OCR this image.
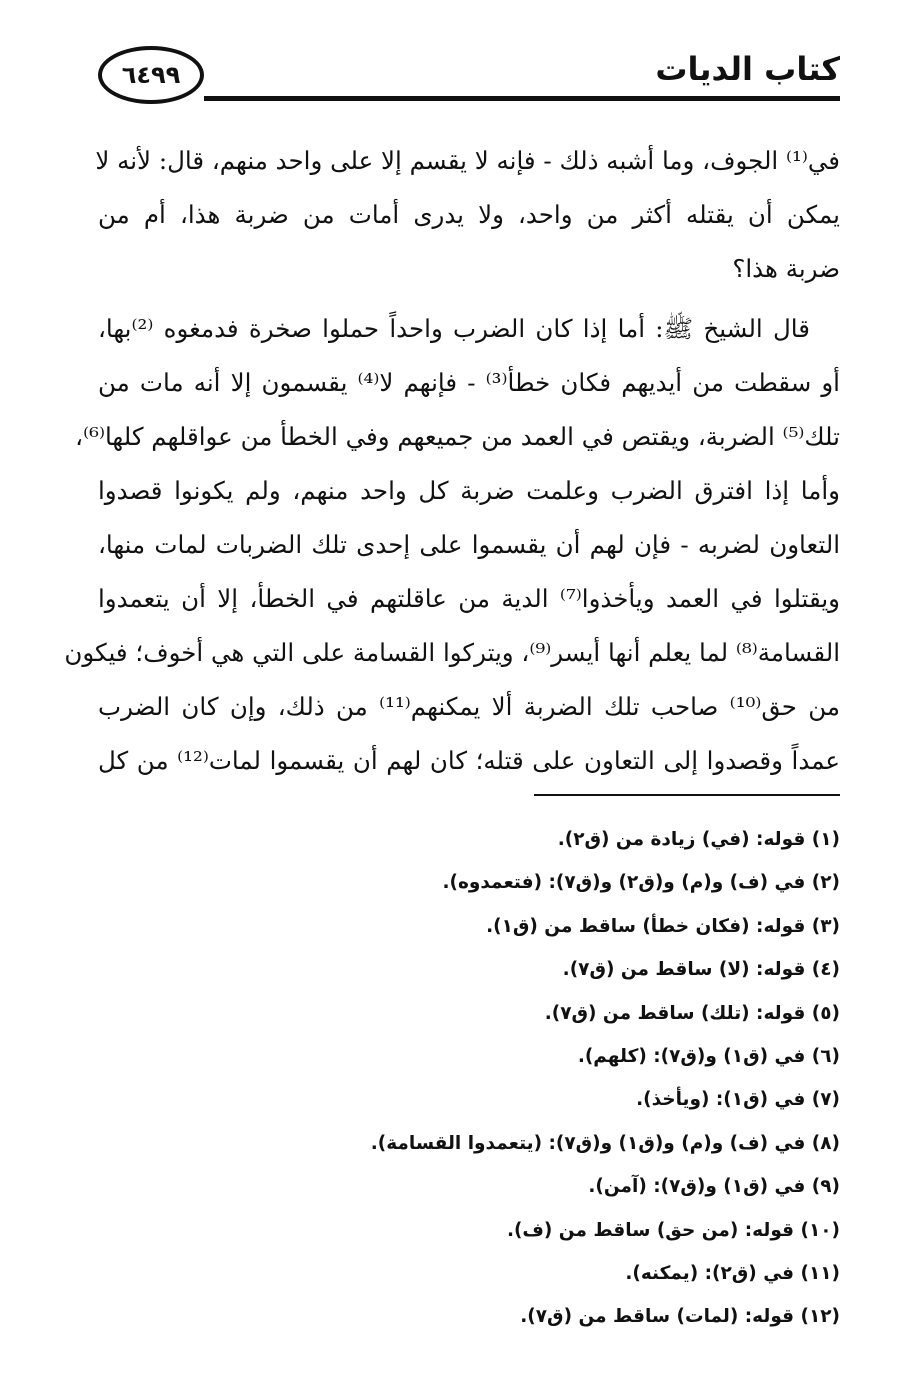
٦٤٩٩	كتاب الديات
في⁽¹⁾ الجوف، وما أشبه ذلك - فإنه لا يقسم إلا على واحد منهم، قال: لأنه لا
يمكن أن يقتله أكثر من واحد، ولا يدرى أمات من ضربة هذا، أم من
ضربة هذا؟
قال الشيخ ﷺ: أما إذا كان الضرب واحداً حملوا صخرة فدمغوه ⁽²⁾بها،
أو سقطت من أيديهم فكان خطأ⁽³⁾ - فإنهم لا⁽⁴⁾ يقسمون إلا أنه مات من
تلك⁽⁵⁾ الضربة، ويقتص في العمد من جميعهم وفي الخطأ من عواقلهم كلها⁽⁶⁾،
وأما إذا افترق الضرب وعلمت ضربة كل واحد منهم، ولم يكونوا قصدوا
التعاون لضربه - فإن لهم أن يقسموا على إحدى تلك الضربات لمات منها،
ويقتلوا في العمد ويأخذوا⁽⁷⁾ الدية من عاقلتهم في الخطأ، إلا أن يتعمدوا
القسامة⁽⁸⁾ لما يعلم أنها أيسر⁽⁹⁾، ويتركوا القسامة على التي هي أخوف؛ فيكون
من حق⁽¹⁰⁾ صاحب تلك الضربة ألا يمكنهم⁽¹¹⁾ من ذلك، وإن كان الضرب
عمداً وقصدوا إلى التعاون على قتله؛ كان لهم أن يقسموا لمات⁽¹²⁾ من كل
(١) قوله: (في) زيادة من (ق٢).
(٢) في (ف) و(م) و(ق٢) و(ق٧): (فتعمدوه).
(٣) قوله: (فكان خطأ) ساقط من (ق١).
(٤) قوله: (لا) ساقط من (ق٧).
(٥) قوله: (تلك) ساقط من (ق٧).
(٦) في (ق١) و(ق٧): (كلهم).
(٧) في (ق١): (ويأخذ).
(٨) في (ف) و(م) و(ق١) و(ق٧): (يتعمدوا القسامة).
(٩) في (ق١) و(ق٧): (آمن).
(١٠) قوله: (من حق) ساقط من (ف).
(١١) في (ق٢): (يمكنه).
(١٢) قوله: (لمات) ساقط من (ق٧).
